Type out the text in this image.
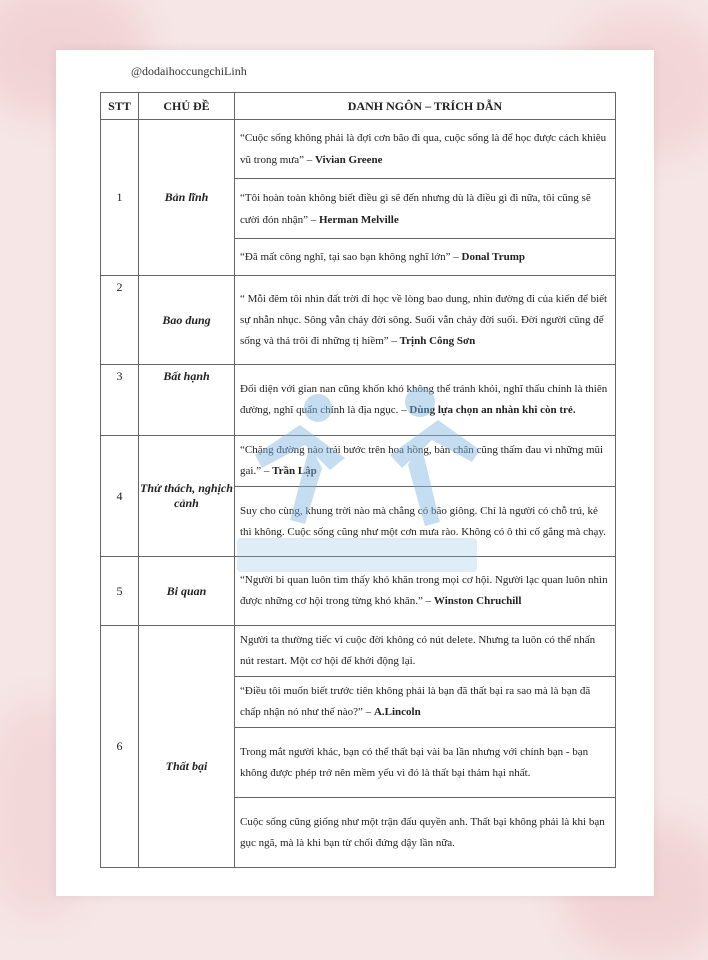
@dodaihoccungchiLinh
STT	CHỦ ĐỀ	DANH NGÔN – TRÍCH DẪN
1	Bản lĩnh	“Cuộc sống không phải là đợi cơn bão đi qua, cuộc sống là để học được cách khiêu vũ trong mưa” – Vivian Greene
		“Tôi hoàn toàn không biết điều gì sẽ đến nhưng dù là điều gì đi nữa, tôi cũng sẽ cười đón nhận” – Herman Melville
		“Đã mất công nghĩ, tại sao bạn không nghĩ lớn” – Donal Trump
2	Bao dung	“ Mỗi đêm tôi nhìn đất trời đi học về lòng bao dung, nhìn đường đi của kiến để biết sự nhẫn nhục. Sông vẫn chảy đời sông. Suối vẫn chảy đời suối. Đời người cũng để sống và thả trôi đi những tị hiềm” – Trịnh Công Sơn
3	Bất hạnh	Đối diện với gian nan cũng khốn khó không thể tránh khỏi, nghĩ thấu chính là thiên đường, nghĩ quẩn chính là địa ngục. – Dùng lựa chọn an nhàn khi còn trẻ.
4	Thử thách, nghịch cảnh	“Chặng đường nào trải bước trên hoa hồng, bàn chân cũng thấm đau vì những mũi gai.” – Trần Lập
		Suy cho cùng, khung trời nào mà chẳng có bão giông. Chỉ là người có chỗ trú, kẻ thì không. Cuộc sống cũng như một cơn mưa rào. Không có ô thì cố gắng mà chạy.
5	Bi quan	“Người bi quan luôn tìm thấy khó khăn trong mọi cơ hội. Người lạc quan luôn nhìn được những cơ hội trong từng khó khăn.” – Winston Chruchill
6	Thất bại	Người ta thường tiếc vì cuộc đời không có nút delete. Nhưng ta luôn có thể nhấn nút restart. Một cơ hội để khởi động lại.
		“Điều tôi muốn biết trước tiên không phải là bạn đã thất bại ra sao mà là bạn đã chấp nhận nó như thế nào?” – A.Lincoln
		Trong mắt người khác, bạn có thể thất bại vài ba lần nhưng với chính bạn - bạn không được phép trở nên mềm yếu vì đó là thất bại thảm hại nhất.
		Cuộc sống cũng giống như một trận đấu quyền anh. Thất bại không phải là khi bạn gục ngã, mà là khi bạn từ chối đứng dậy lần nữa.
